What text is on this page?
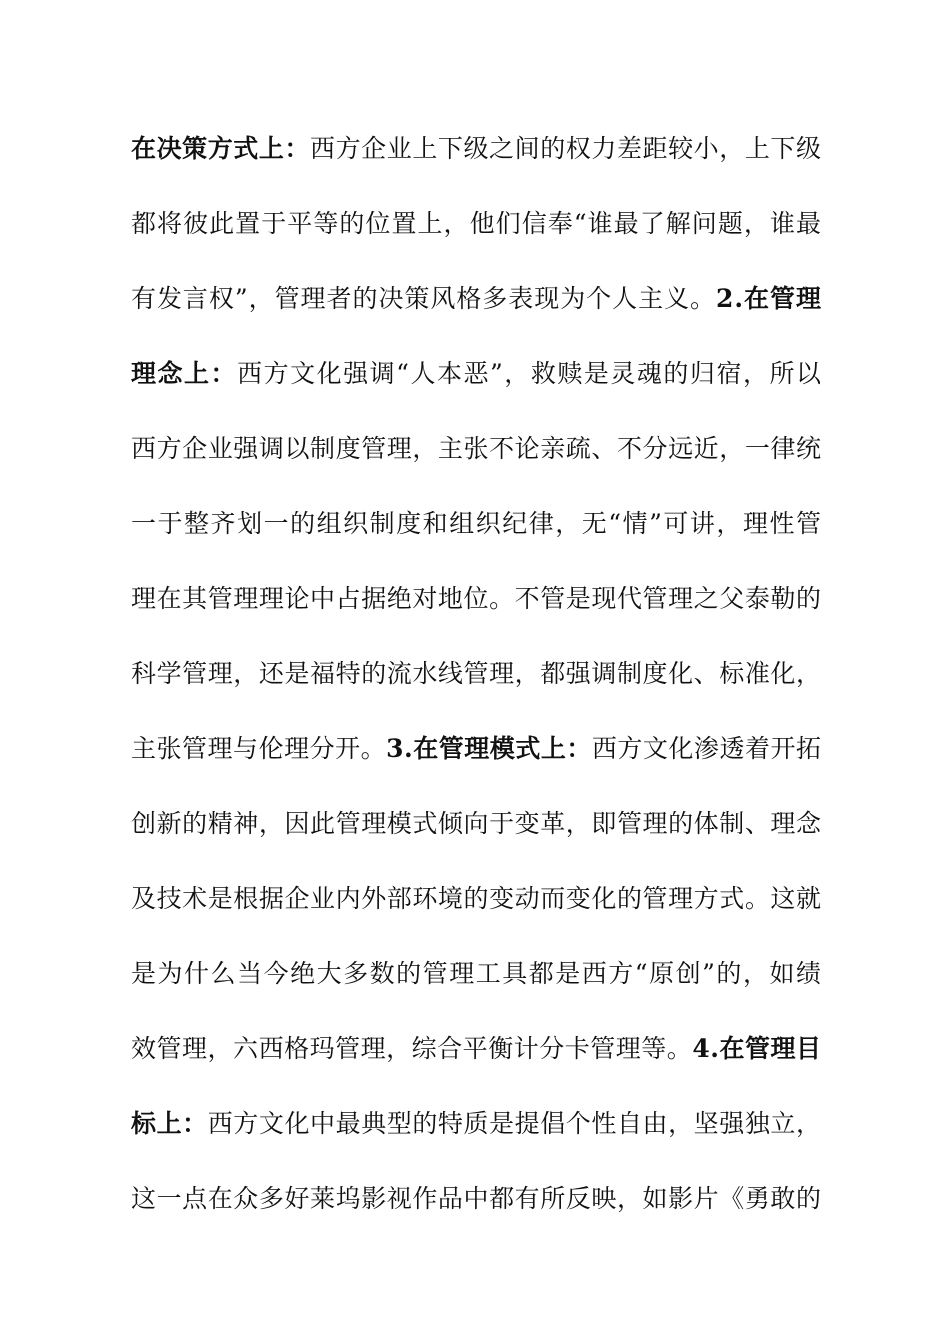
在决策方式上：西方企业上下级之间的权力差距较小，上下级
都将彼此置于平等的位置上，他们信奉“谁最了解问题，谁最
有发言权”，管理者的决策风格多表现为个人主义。2.在管理
理念上：西方文化强调“人本恶”，救赎是灵魂的归宿，所以
西方企业强调以制度管理，主张不论亲疏、不分远近，一律统
一于整齐划一的组织制度和组织纪律，无“情”可讲，理性管
理在其管理理论中占据绝对地位。不管是现代管理之父泰勒的
科学管理，还是福特的流水线管理，都强调制度化、标准化，
主张管理与伦理分开。3.在管理模式上：西方文化渗透着开拓
创新的精神，因此管理模式倾向于变革，即管理的体制、理念
及技术是根据企业内外部环境的变动而变化的管理方式。这就
是为什么当今绝大多数的管理工具都是西方“原创”的，如绩
效管理，六西格玛管理，综合平衡计分卡管理等。4.在管理目
标上：西方文化中最典型的特质是提倡个性自由，坚强独立，
这一点在众多好莱坞影视作品中都有所反映，如影片《勇敢的
